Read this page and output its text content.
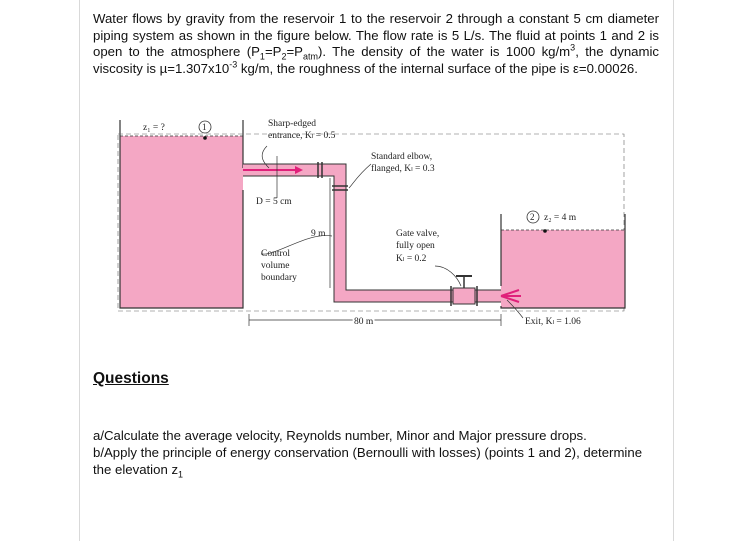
Water flows by gravity from the reservoir 1 to the reservoir 2 through a constant 5 cm diameter piping system as shown in the figure below. The flow rate is 5 L/s. The fluid at points 1 and 2 is open to the atmosphere $(P_1=P_2=P_{atm})$. The density of the water is 1000 $kg/m^3$, the dynamic viscosity is $\mu=1.307x10^{-3}$ kg/m, the roughness of the internal surface of the pipe is ε=0.00026.

1
2
z₁ = ?	Sharp-edged
entrance, Kₗ = 0.5
Standard elbow,
flanged, Kₗ = 0.3
D = 5 cm
9 m
Control
volume
boundary
Gate valve,
fully open
Kₗ = 0.2
z₂ = 4 m
80 m	Exit, Kₗ = 1.06

Questions

a/Calculate the average velocity, Reynolds number, Minor and Major pressure drops.

b/Apply the principle of energy conservation (Bernoulli with losses) (points 1 and 2), determine the elevation $z_1$
